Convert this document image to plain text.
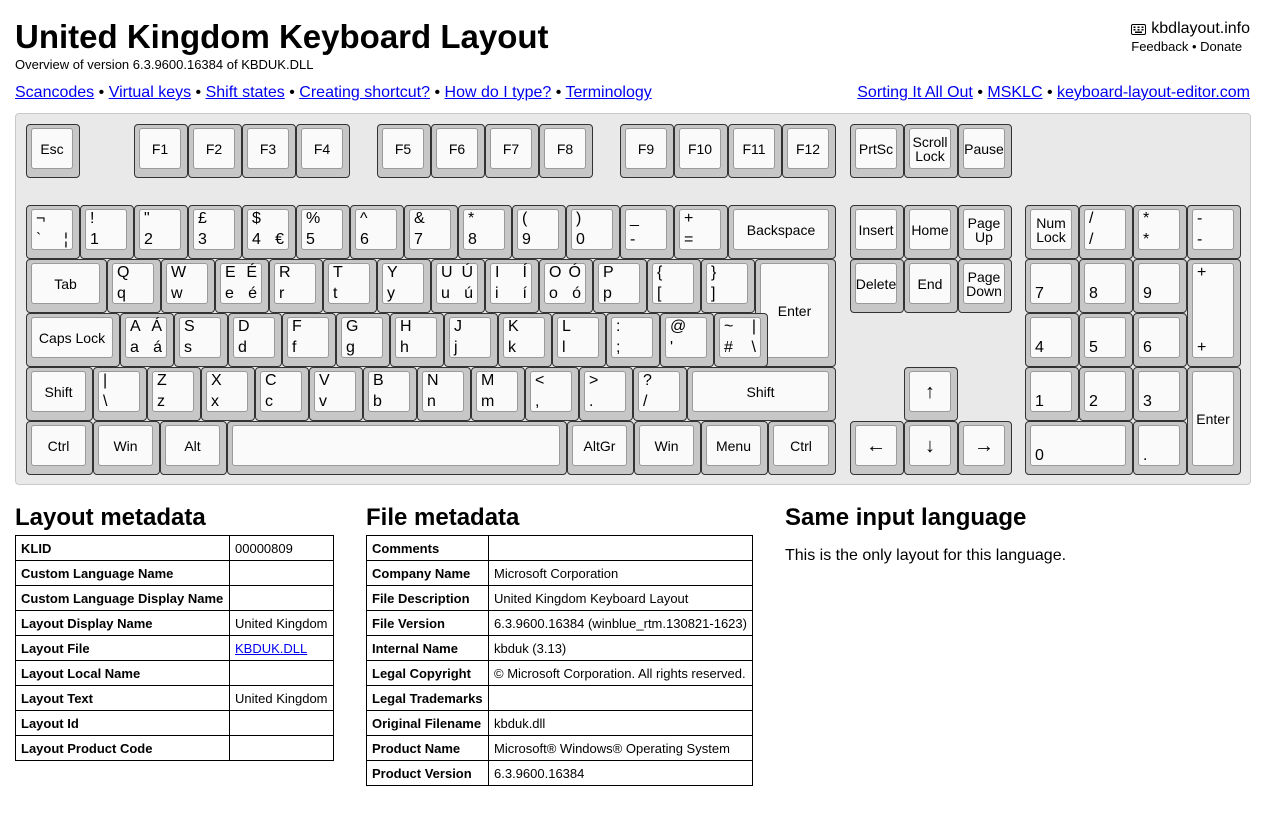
United Kingdom Keyboard Layout
Overview of version 6.3.9600.16384 of KBDUK.DLL
kbdlayout.info
Feedback • Donate
Scancodes • Virtual keys • Shift states • Creating shortcut? • How do I type? • Terminology	Sorting It All Out • MSKLC • keyboard-layout-editor.com
Esc	F1	F2	F3	F4	F5	F6	F7	F8	F9	F10	F11	F12	PrtSc Scroll
Lock	Pause
¬
` ¦
!
1
"
2
£
3
$
4 €
%
5
^
6
&
7
*
8
(
9
)
0
_
-
+
=
Backspace
Tab
Q
q
W
w
E
e
É
é
R
r
T
t
Y
y
U
u
Ú
ú
I
i
Í
í
O
o
Ó
ó
P
p
{
[
}
]
Enter
Caps Lock
A
a
Á
á
S
s
D
d
F
f
G
g
H
h
J
j
K
k
L
l
:
;
@
'
~
#
|
\
Shift
|
\
Z
z
X
x
C
c
V
v
B
b
N
n
M
m
<
,
>
.
?
/
Shift
Ctrl	Win	Alt	AltGr	Win	Menu	Ctrl
Insert Home	Page
Up
Delete	End	Page
Down
↑
←	↓	→
Num
Lock
/
/
*
*
-
-
7	8	9
+
+
4	5	6
1	2	3
Enter
0	.
Layout metadata
KLID	00000809
Custom Language Name	
Custom Language Display Name	
Layout Display Name	United Kingdom
Layout File	KBDUK.DLL
Layout Local Name	
Layout Text	United Kingdom
Layout Id	
Layout Product Code	
File metadata
Comments	
Company Name	Microsoft Corporation
File Description	United Kingdom Keyboard Layout
File Version	6.3.9600.16384 (winblue_rtm.130821-1623)
Internal Name	kbduk (3.13)
Legal Copyright	© Microsoft Corporation. All rights reserved.
Legal Trademarks	
Original Filename	kbduk.dll
Product Name	Microsoft® Windows® Operating System
Product Version	6.3.9600.16384
Same input language
This is the only layout for this language.
